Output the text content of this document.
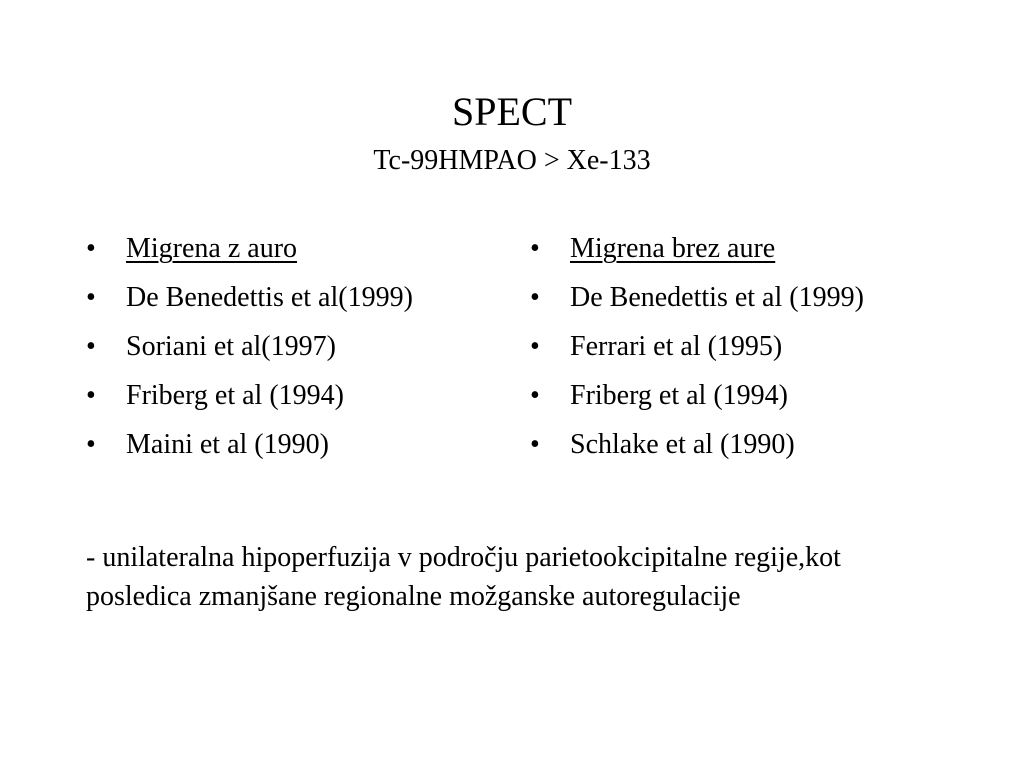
SPECT
Tc-99HMPAO > Xe-133
• Migrena z auro
• De Benedettis et al(1999)
• Soriani et al(1997)
• Friberg et al (1994)
• Maini et al (1990)
• Migrena brez aure
• De Benedettis et al (1999)
• Ferrari et al (1995)
• Friberg et al (1994)
• Schlake et al (1990)

- unilateralna hipoperfuzija v področju parietookcipitalne regije,kot posledica zmanjšane regionalne možganske autoregulacije
